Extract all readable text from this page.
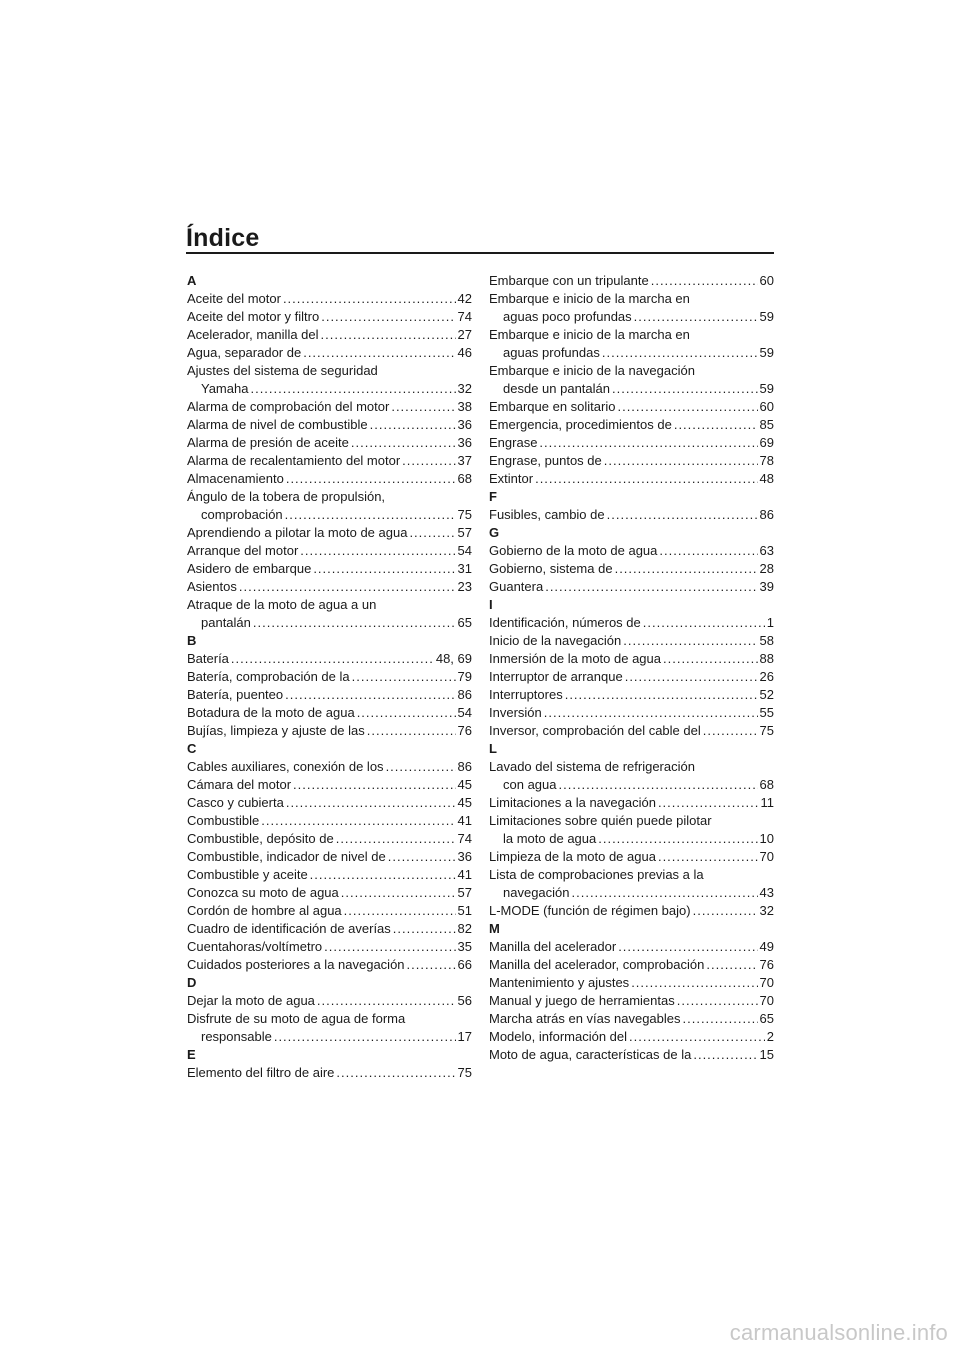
Índice
A
Aceite del motor .....	42
Aceite del motor y filtro .....	74
Acelerador, manilla del .....	27
Agua, separador de .....	46
Ajustes del sistema de seguridad
Yamaha .....	32
Alarma de comprobación del motor .....	38
Alarma de nivel de combustible .....	36
Alarma de presión de aceite .....	36
Alarma de recalentamiento del motor .....	37
Almacenamiento .....	68
Ángulo de la tobera de propulsión,
comprobación .....	75
Aprendiendo a pilotar la moto de agua .....	57
Arranque del motor .....	54
Asidero de embarque .....	31
Asientos .....	23
Atraque de la moto de agua a un
pantalán .....	65
B
Batería .....	48, 69
Batería, comprobación de la .....	79
Batería, puenteo .....	86
Botadura de la moto de agua .....	54
Bujías, limpieza y ajuste de las .....	76
C
Cables auxiliares, conexión de los .....	86
Cámara del motor .....	45
Casco y cubierta .....	45
Combustible .....	41
Combustible, depósito de .....	74
Combustible, indicador de nivel de .....	36
Combustible y aceite .....	41
Conozca su moto de agua .....	57
Cordón de hombre al agua .....	51
Cuadro de identificación de averías .....	82
Cuentahoras/voltímetro .....	35
Cuidados posteriores a la navegación .....	66
D
Dejar la moto de agua .....	56
Disfrute de su moto de agua de forma
responsable .....	17
E
Elemento del filtro de aire .....	75
Embarque con un tripulante .....	60
Embarque e inicio de la marcha en
aguas poco profundas .....	59
Embarque e inicio de la marcha en
aguas profundas .....	59
Embarque e inicio de la navegación
desde un pantalán .....	59
Embarque en solitario .....	60
Emergencia, procedimientos de .....	85
Engrase .....	69
Engrase, puntos de .....	78
Extintor .....	48
F
Fusibles, cambio de .....	86
G
Gobierno de la moto de agua .....	63
Gobierno, sistema de .....	28
Guantera .....	39
I
Identificación, números de .....	1
Inicio de la navegación .....	58
Inmersión de la moto de agua .....	88
Interruptor de arranque .....	26
Interruptores .....	52
Inversión .....	55
Inversor, comprobación del cable del .....	75
L
Lavado del sistema de refrigeración
con agua .....	68
Limitaciones a la navegación .....	11
Limitaciones sobre quién puede pilotar
la moto de agua .....	10
Limpieza de la moto de agua .....	70
Lista de comprobaciones previas a la
navegación .....	43
L-MODE (función de régimen bajo) .....	32
M
Manilla del acelerador .....	49
Manilla del acelerador, comprobación .....	76
Mantenimiento y ajustes .....	70
Manual y juego de herramientas .....	70
Marcha atrás en vías navegables .....	65
Modelo, información del .....	2
Moto de agua, características de la .....	15
carmanualsonline.info
